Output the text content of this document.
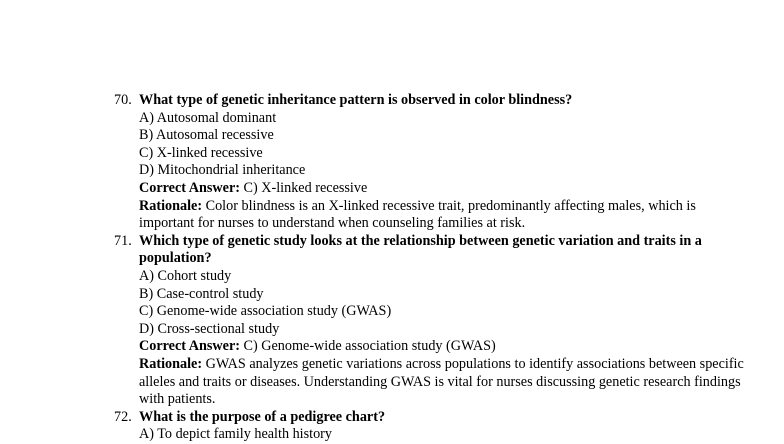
70. What type of genetic inheritance pattern is observed in color blindness?
A) Autosomal dominant
B) Autosomal recessive
C) X-linked recessive
D) Mitochondrial inheritance
Correct Answer: C) X-linked recessive
Rationale: Color blindness is an X-linked recessive trait, predominantly affecting males, which is important for nurses to understand when counseling families at risk.
71. Which type of genetic study looks at the relationship between genetic variation and traits in a population?
A) Cohort study
B) Case-control study
C) Genome-wide association study (GWAS)
D) Cross-sectional study
Correct Answer: C) Genome-wide association study (GWAS)
Rationale: GWAS analyzes genetic variations across populations to identify associations between specific alleles and traits or diseases. Understanding GWAS is vital for nurses discussing genetic research findings with patients.
72. What is the purpose of a pedigree chart?
A) To depict family health history
